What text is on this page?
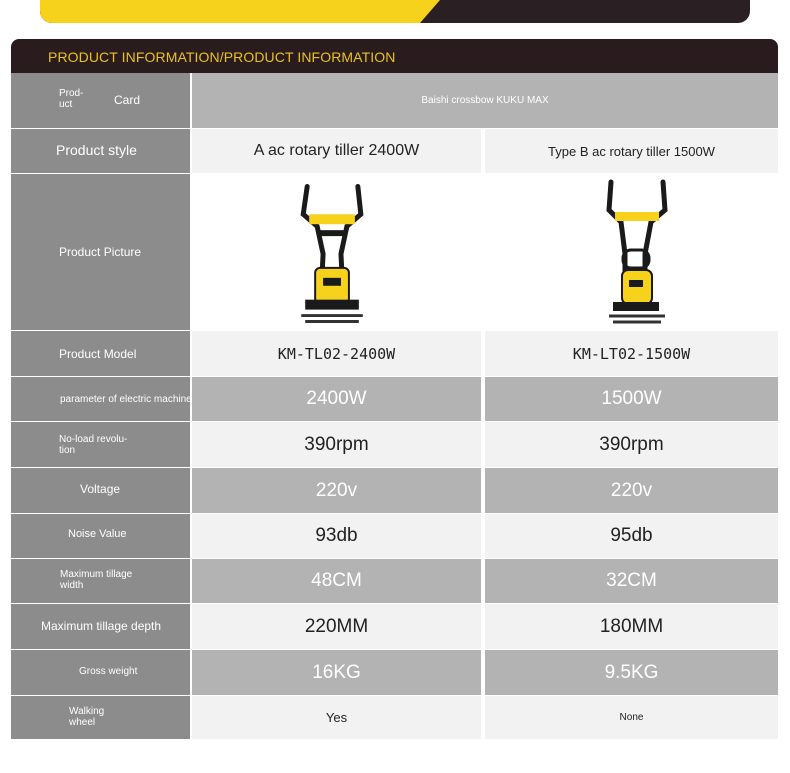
PRODUCT INFORMATION/PRODUCT INFORMATION
Prod-
uct	Card	Baishi crossbow KUKU MAX
Product style	A ac rotary tiller 2400W	Type B ac rotary tiller 1500W
Product Picture
Product Model	KM-TL02-2400W	KM-LT02-1500W
parameter of electric machine	2400W	1500W
No-load revolu-
tion	390rpm	390rpm
Voltage	220v	220v
Noise Value	93db	95db
Maximum tillage
width	48CM	32CM
Maximum tillage depth	220MM	180MM
Gross weight	16KG	9.5KG
Walking
wheel	Yes	None
